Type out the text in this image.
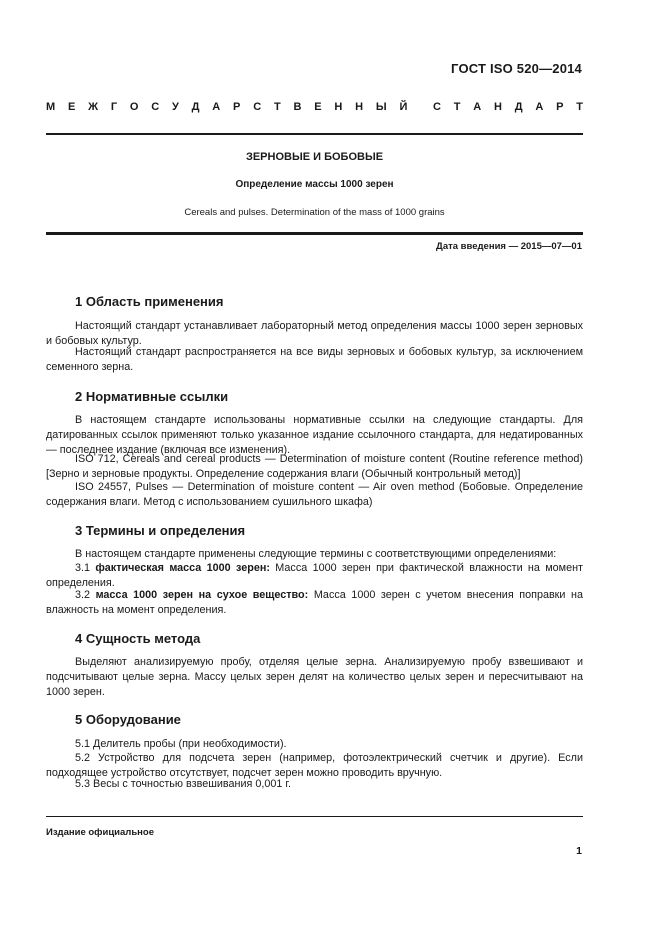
ГОСТ ISO 520—2014
М Е Ж Г О С У Д А Р С Т В Е Н Н Ы Й С Т А Н Д А Р Т
ЗЕРНОВЫЕ И БОБОВЫЕ
Определение массы 1000 зерен
Cereals and pulses. Determination of the mass of 1000 grains
Дата введения — 2015—07—01
1 Область применения

Настоящий стандарт устанавливает лабораторный метод определения массы 1000 зерен зерновых и бобовых культур.

Настоящий стандарт распространяется на все виды зерновых и бобовых культур, за исключением семенного зерна.

2 Нормативные ссылки

В настоящем стандарте использованы нормативные ссылки на следующие стандарты. Для датированных ссылок применяют только указанное издание ссылочного стандарта, для недатированных — последнее издание (включая все изменения).

ISO 712, Cereals and cereal products — Determination of moisture content (Routine reference method) [Зерно и зерновые продукты. Определение содержания влаги (Обычный контрольный метод)]

ISO 24557, Pulses — Determination of moisture content — Air oven method (Бобовые. Определение содержания влаги. Метод с использованием сушильного шкафа)

3 Термины и определения

В настоящем стандарте применены следующие термины с соответствующими определениями:

3.1 фактическая масса 1000 зерен: Масса 1000 зерен при фактической влажности на момент определения.

3.2 масса 1000 зерен на сухое вещество: Масса 1000 зерен с учетом внесения поправки на влажность на момент определения.

4 Сущность метода

Выделяют анализируемую пробу, отделяя целые зерна. Анализируемую пробу взвешивают и подсчитывают целые зерна. Массу целых зерен делят на количество целых зерен и пересчитывают на 1000 зерен.

5 Оборудование

5.1 Делитель пробы (при необходимости).

5.2 Устройство для подсчета зерен (например, фотоэлектрический счетчик и другие). Если подходящее устройство отсутствует, подсчет зерен можно проводить вручную.

5.3 Весы с точностью взвешивания 0,001 г.

Издание официальное
1
